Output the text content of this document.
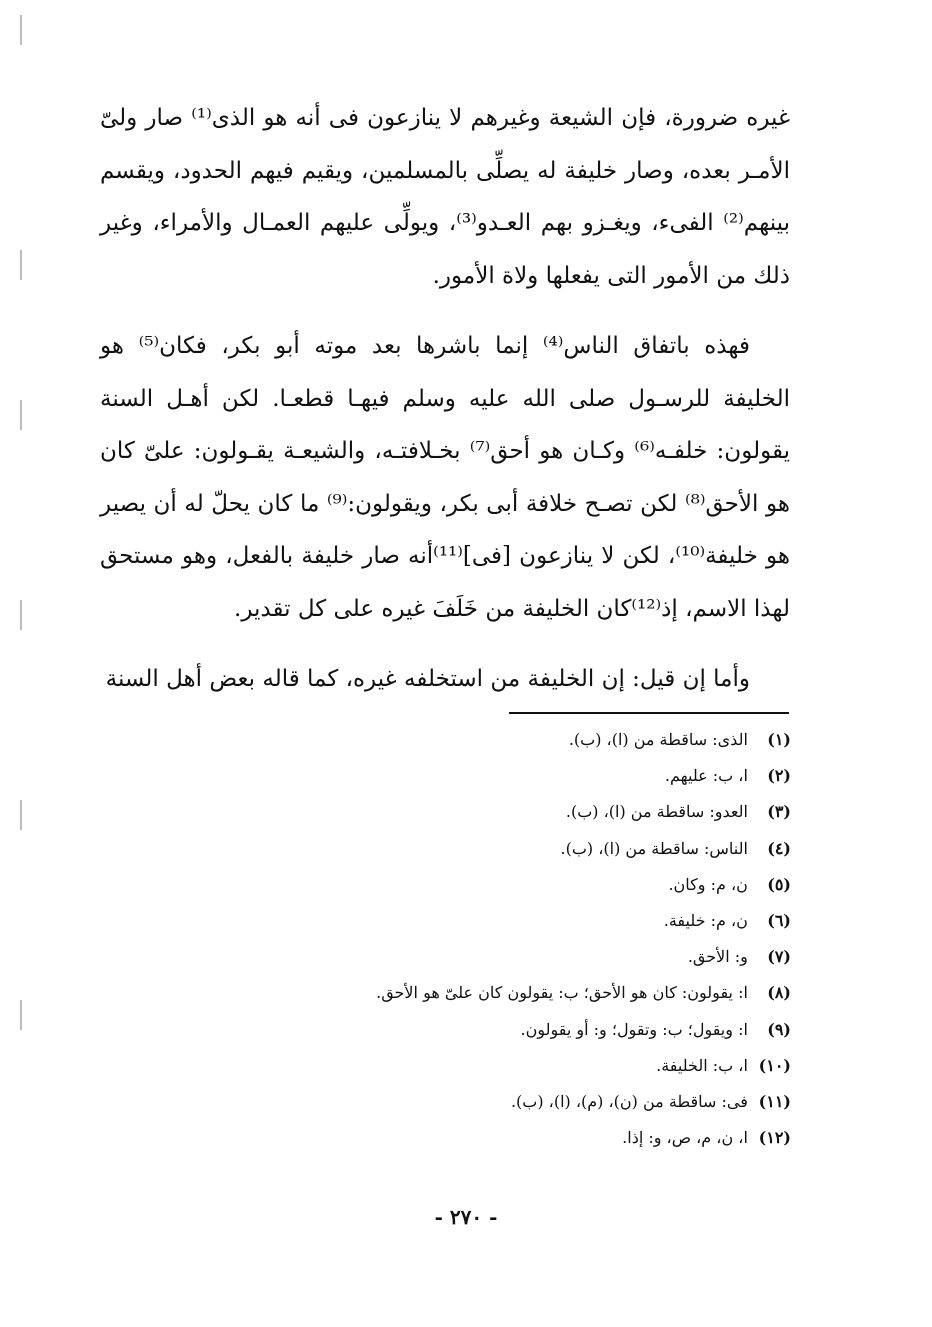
غيره ضرورة، فإن الشيعة وغيرهم لا ينازعون فى أنه هو الذى⁽¹⁾ صار ولىّ الأمـر بعده، وصار خليفة له يصلِّى بالمسلمين، ويقيم فيهم الحدود، ويقسم بينهم⁽²⁾ الفىء، ويغـزو بهم العـدو⁽³⁾، ويولِّى عليهم العمـال والأمراء، وغير ذلك من الأمور التى يفعلها ولاة الأمور.

فهذه باتفاق الناس⁽⁴⁾ إنما باشرها بعد موته أبو بكر، فكان⁽⁵⁾ هو الخليفة للرسـول صلى الله عليه وسلم فيهـا قطعـا. لكن أهـل السنة يقولون: خلفـه⁽⁶⁾ وكـان هو أحق⁽⁷⁾ بخـلافتـه، والشيعـة يقـولون: علىّ كان هو الأحق⁽⁸⁾ لكن تصـح خلافة أبى بكر، ويقولون:⁽⁹⁾ ما كان يحلّ له أن يصير هو خليفة⁽¹⁰⁾، لكن لا ينازعون [فى]⁽¹¹⁾أنه صار خليفة بالفعل، وهو مستحق لهذا الاسم، إذ⁽¹²⁾كان الخليفة من خَلَفَ غيره على كل تقدير.

وأما إن قيل: إن الخليفة من استخلفه غيره، كما قاله بعض أهل السنة

(١) الذى: ساقطة من (ا)، (ب).
(٢) ا، ب: عليهم.
(٣) العدو: ساقطة من (ا)، (ب).
(٤) الناس: ساقطة من (ا)، (ب).
(٥) ن، م: وكان.
(٦) ن، م: خليفة.
(٧) و: الأحق.
(٨) ا: يقولون: كان هو الأحق؛ ب: يقولون كان علىّ هو الأحق.
(٩) ا: ويقول؛ ب: وتقول؛ و: أو يقولون.
(١٠) ا، ب: الخليفة.
(١١) فى: ساقطة من (ن)، (م)، (ا)، (ب).
(١٢) ا، ن، م، ص، و: إذا.
- ٢٧٠ -
